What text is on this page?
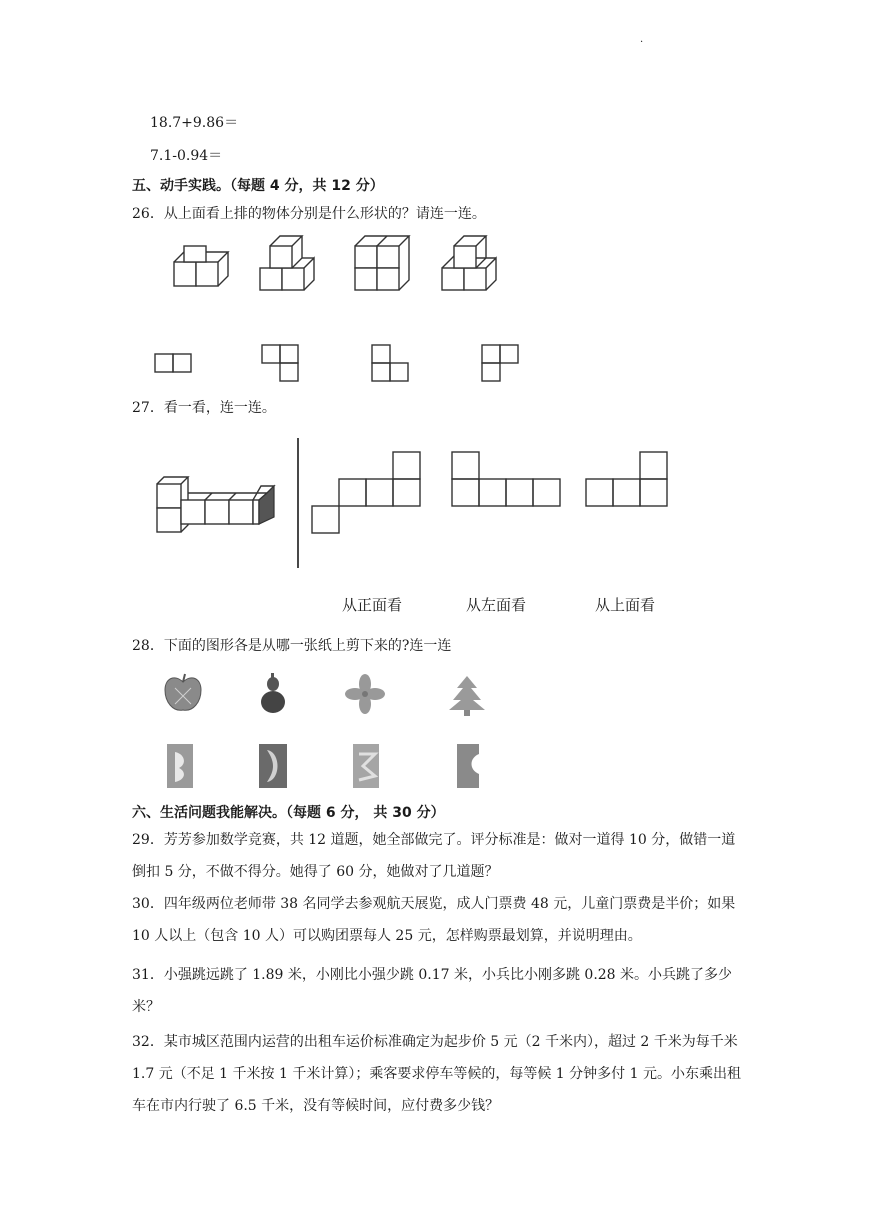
.
18.7+9.86＝
7.1-0.94＝
五、动手实践。（每题 4 分，共 12 分）
26．从上面看上排的物体分别是什么形状的？请连一连。
27．看一看，连一连。
从正面看	从左面看	从上面看
28．下面的图形各是从哪一张纸上剪下来的?连一连
六、生活问题我能解决。（每题 6 分， 共 30 分）
29．芳芳参加数学竞赛，共 12 道题，她全部做完了。评分标准是：做对一道得 10 分，做错一道倒扣 5 分，不做不得分。她得了 60 分，她做对了几道题？
30．四年级两位老师带 38 名同学去参观航天展览，成人门票费 48 元，儿童门票费是半价；如果 10 人以上（包含 10 人）可以购团票每人 25 元，怎样购票最划算，并说明理由。
31．小强跳远跳了 1.89 米，小刚比小强少跳 0.17 米，小兵比小刚多跳 0.28 米。小兵跳了多少米？
32．某市城区范围内运营的出租车运价标准确定为起步价 5 元（2 千米内），超过 2 千米为每千米 1.7 元（不足 1 千米按 1 千米计算）；乘客要求停车等候的，每等候 1 分钟多付 1 元。小东乘出租车在市内行驶了 6.5 千米，没有等候时间，应付费多少钱？
